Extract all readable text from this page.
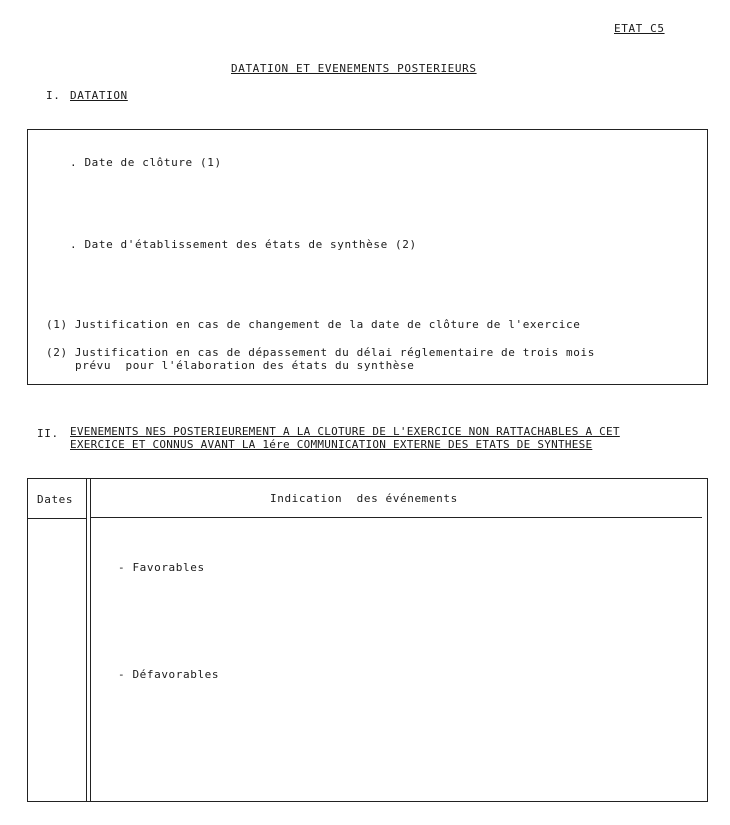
ETAT C5
DATATION ET EVENEMENTS POSTERIEURS
I. DATATION
. Date de clôture (1)
. Date d'établissement des états de synthèse (2)
(1) Justification en cas de changement de la date de clôture de l'exercice
(2) Justification en cas de dépassement du délai réglementaire de trois mois
prévu  pour l'élaboration des états du synthèse
II. EVENEMENTS NES POSTERIEUREMENT A LA CLOTURE DE L'EXERCICE NON RATTACHABLES A CET
EXERCICE ET CONNUS AVANT LA 1ére COMMUNICATION EXTERNE DES ETATS DE SYNTHESE
Dates	Indication  des événements
- Favorables
- Défavorables
